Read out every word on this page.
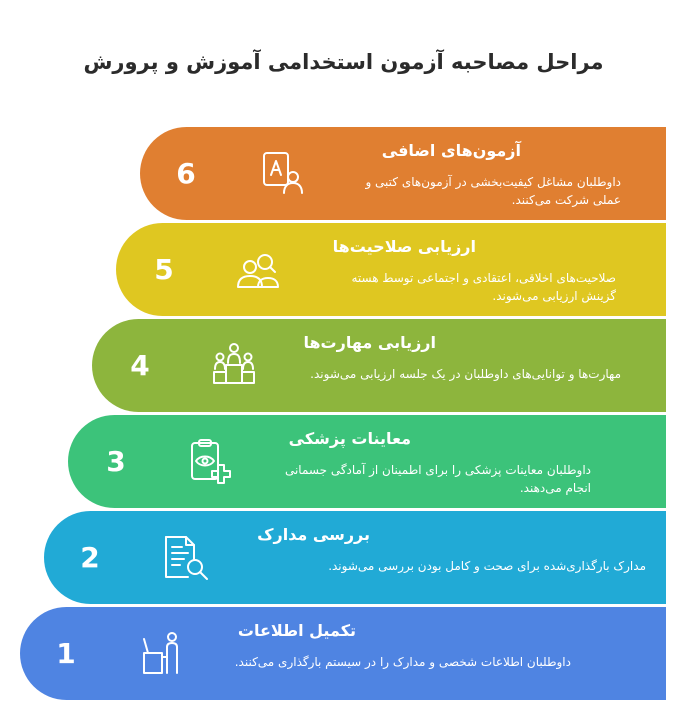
مراحل مصاحبه آزمون استخدامی آموزش و پرورش
6
آزمون‌های اضافی
داوطلبان مشاغل کیفیت‌بخشی در آزمون‌های کتبی و عملی شرکت می‌کنند.
5
ارزیابی صلاحیت‌ها
صلاحیت‌های اخلاقی، اعتقادی و اجتماعی توسط هسته گزینش ارزیابی می‌شوند.
4
ارزیابی مهارت‌ها
مهارت‌ها و توانایی‌های داوطلبان در یک جلسه ارزیابی می‌شوند.
3
معاینات پزشکی
داوطلبان معاینات پزشکی را برای اطمینان از آمادگی جسمانی انجام می‌دهند.
2
بررسی مدارک
مدارک بارگذاری‌شده برای صحت و کامل بودن بررسی می‌شوند.
1
تکمیل اطلاعات
داوطلبان اطلاعات شخصی و مدارک را در سیستم بارگذاری می‌کنند.
